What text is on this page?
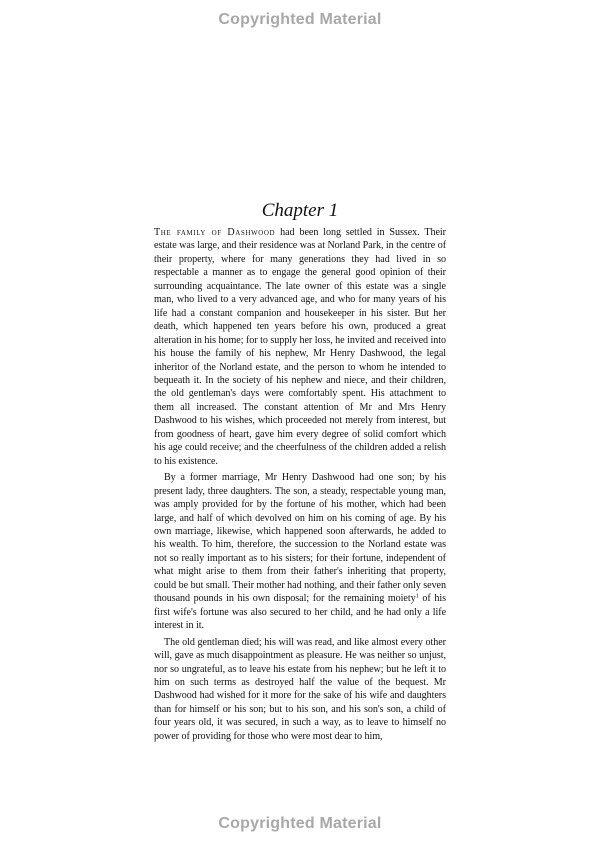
Copyrighted Material
Chapter 1

The family of Dashwood had been long settled in Sussex. Their estate was large, and their residence was at Norland Park, in the centre of their property, where for many generations they had lived in so respectable a manner as to engage the general good opinion of their surrounding acquaintance. The late owner of this estate was a single man, who lived to a very advanced age, and who for many years of his life had a constant companion and housekeeper in his sister. But her death, which happened ten years before his own, produced a great alteration in his home; for to supply her loss, he invited and received into his house the family of his nephew, Mr Henry Dashwood, the legal inheritor of the Norland estate, and the person to whom he intended to bequeath it. In the society of his nephew and niece, and their children, the old gentleman's days were comfortably spent. His attachment to them all increased. The constant attention of Mr and Mrs Henry Dashwood to his wishes, which proceeded not merely from interest, but from goodness of heart, gave him every degree of solid comfort which his age could receive; and the cheerfulness of the children added a relish to his existence.

By a former marriage, Mr Henry Dashwood had one son; by his present lady, three daughters. The son, a steady, respectable young man, was amply provided for by the fortune of his mother, which had been large, and half of which devolved on him on his coming of age. By his own marriage, likewise, which happened soon afterwards, he added to his wealth. To him, therefore, the succession to the Norland estate was not so really important as to his sisters; for their fortune, independent of what might arise to them from their father's inheriting that property, could be but small. Their mother had nothing, and their father only seven thousand pounds in his own disposal; for the remaining moiety$^1$ of his first wife's fortune was also secured to her child, and he had only a life interest in it.

The old gentleman died; his will was read, and like almost every other will, gave as much disappointment as pleasure. He was neither so unjust, nor so ungrateful, as to leave his estate from his nephew; but he left it to him on such terms as destroyed half the value of the bequest. Mr Dashwood had wished for it more for the sake of his wife and daughters than for himself or his son; but to his son, and his son's son, a child of four years old, it was secured, in such a way, as to leave to himself no power of providing for those who were most dear to him,

Copyrighted Material
